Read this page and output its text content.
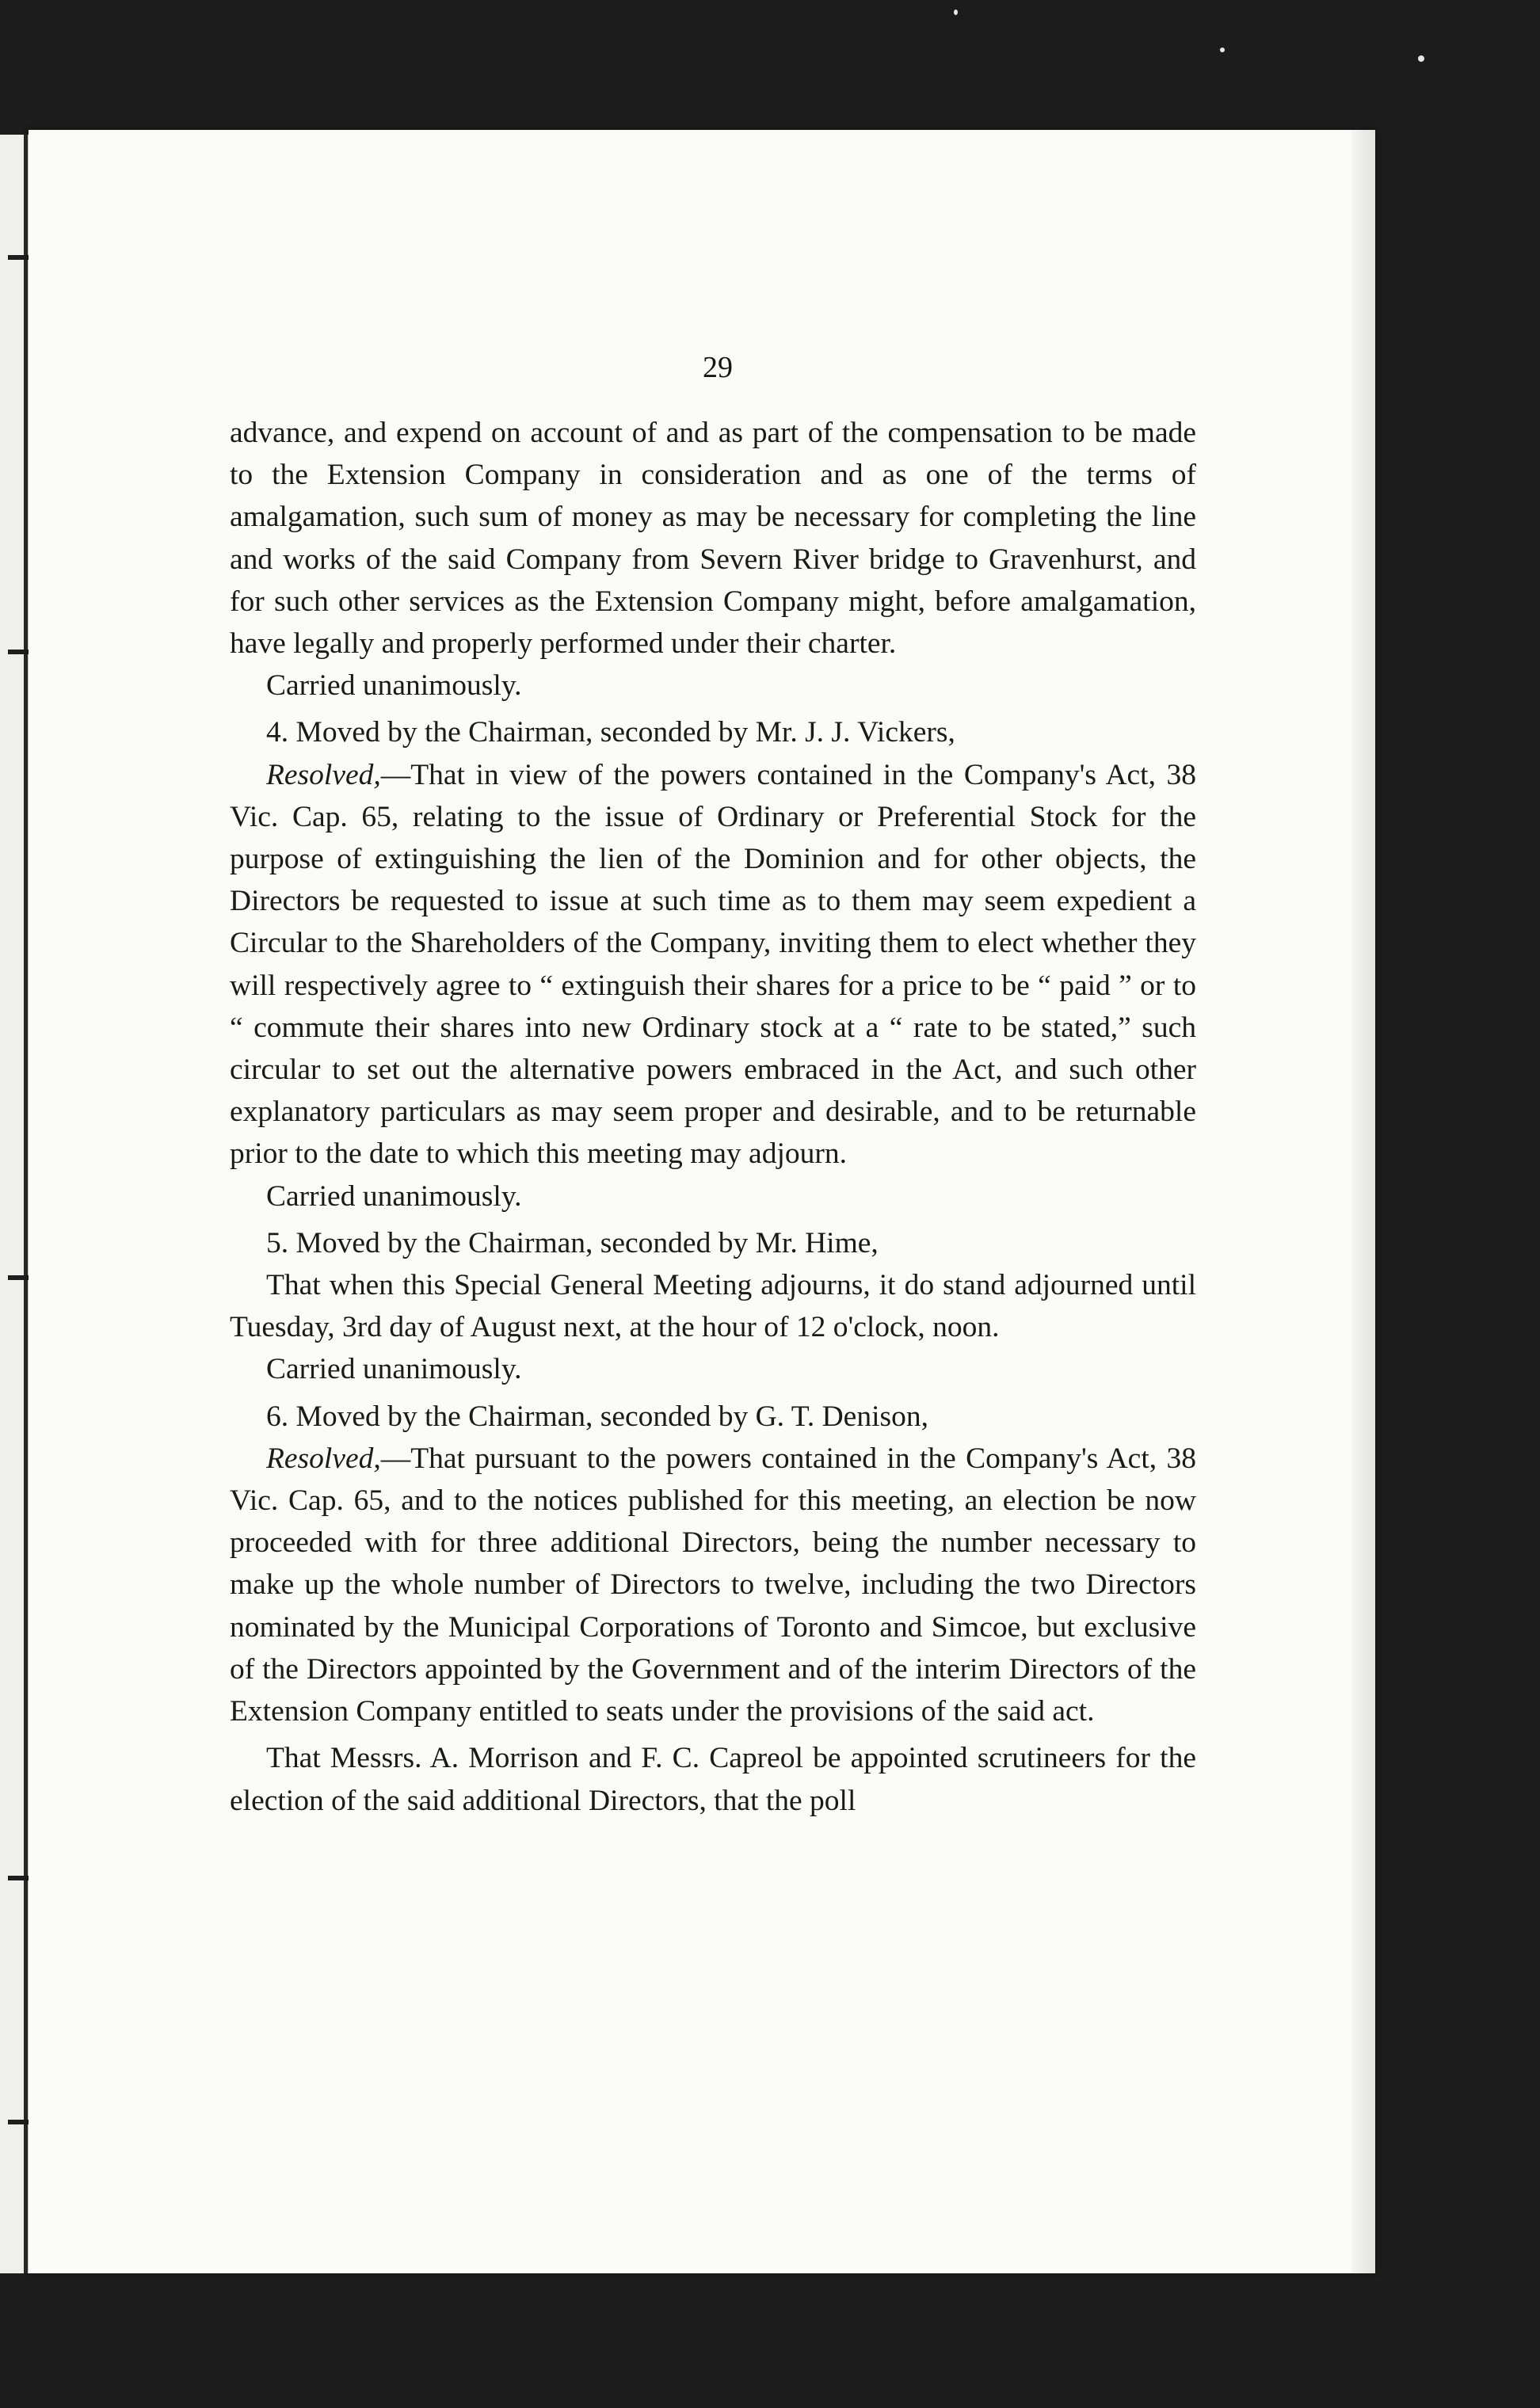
29

advance, and expend on account of and as part of the compensation to be made to the Extension Company in consideration and as one of the terms of amalgamation, such sum of money as may be necessary for completing the line and works of the said Company from Severn River bridge to Gravenhurst, and for such other services as the Extension Company might, before amalgamation, have legally and properly performed under their charter.

Carried unanimously.

4. Moved by the Chairman, seconded by Mr. J. J. Vickers,

Resolved,—That in view of the powers contained in the Company's Act, 38 Vic. Cap. 65, relating to the issue of Ordinary or Preferential Stock for the purpose of extinguishing the lien of the Dominion and for other objects, the Directors be requested to issue at such time as to them may seem expedient a Circular to the Shareholders of the Company, inviting them to elect whether they will respectively agree to “ extinguish their shares for a price to be “ paid ” or to “ commute their shares into new Ordinary stock at a “ rate to be stated,” such circular to set out the alternative powers embraced in the Act, and such other explanatory particulars as may seem proper and desirable, and to be returnable prior to the date to which this meeting may adjourn.

Carried unanimously.

5. Moved by the Chairman, seconded by Mr. Hime,

That when this Special General Meeting adjourns, it do stand adjourned until Tuesday, 3rd day of August next, at the hour of 12 o'clock, noon.

Carried unanimously.

6. Moved by the Chairman, seconded by G. T. Denison,

Resolved,—That pursuant to the powers contained in the Company's Act, 38 Vic. Cap. 65, and to the notices published for this meeting, an election be now proceeded with for three additional Directors, being the number necessary to make up the whole number of Directors to twelve, including the two Directors nominated by the Municipal Corporations of Toronto and Simcoe, but exclusive of the Directors appointed by the Government and of the interim Directors of the Extension Company entitled to seats under the provisions of the said act.

That Messrs. A. Morrison and F. C. Capreol be appointed scrutineers for the election of the said additional Directors, that the poll
